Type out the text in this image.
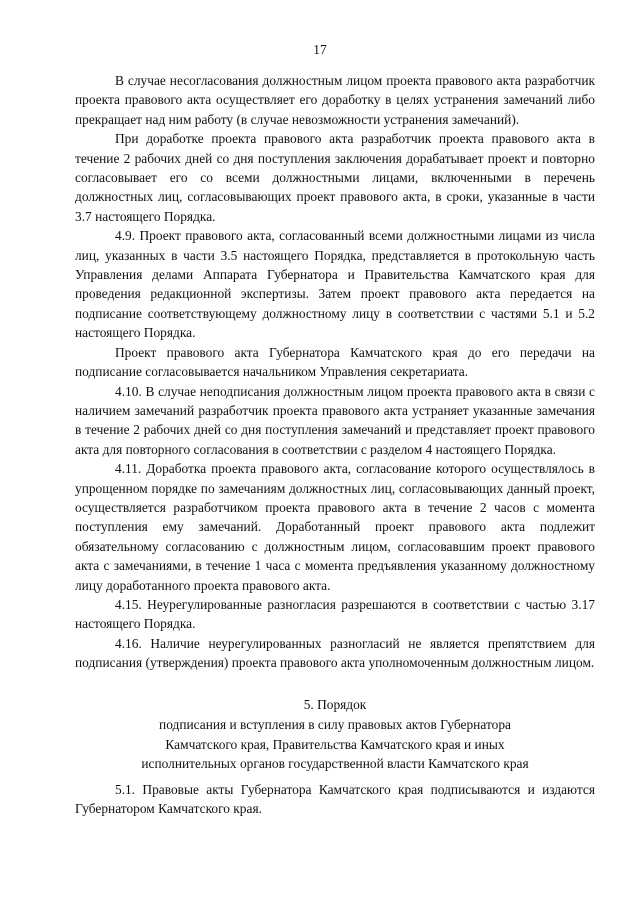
17

В случае несогласования должностным лицом проекта правового акта разработчик проекта правового акта осуществляет его доработку в целях устранения замечаний либо прекращает над ним работу (в случае невозможности устранения замечаний).

При доработке проекта правового акта разработчик проекта правового акта в течение 2 рабочих дней со дня поступления заключения дорабатывает проект и повторно согласовывает его со всеми должностными лицами, включенными в перечень должностных лиц, согласовывающих проект правового акта, в сроки, указанные в части 3.7 настоящего Порядка.

4.9. Проект правового акта, согласованный всеми должностными лицами из числа лиц, указанных в части 3.5 настоящего Порядка, представляется в протокольную часть Управления делами Аппарата Губернатора и Правительства Камчатского края для проведения редакционной экспертизы. Затем проект правового акта передается на подписание соответствующему должностному лицу в соответствии с частями 5.1 и 5.2 настоящего Порядка.

Проект правового акта Губернатора Камчатского края до его передачи на подписание согласовывается начальником Управления секретариата.

4.10. В случае неподписания должностным лицом проекта правового акта в связи с наличием замечаний разработчик проекта правового акта устраняет указанные замечания в течение 2 рабочих дней со дня поступления замечаний и представляет проект правового акта для повторного согласования в соответствии с разделом 4 настоящего Порядка.

4.11. Доработка проекта правового акта, согласование которого осуществлялось в упрощенном порядке по замечаниям должностных лиц, согласовывающих данный проект, осуществляется разработчиком проекта правового акта в течение 2 часов с момента поступления ему замечаний. Доработанный проект правового акта подлежит обязательному согласованию с должностным лицом, согласовавшим проект правового акта с замечаниями, в течение 1 часа с момента предъявления указанному должностному лицу доработанного проекта правового акта.

4.15. Неурегулированные разногласия разрешаются в соответствии с частью 3.17 настоящего Порядка.

4.16. Наличие неурегулированных разногласий не является препятствием для подписания (утверждения) проекта правового акта уполномоченным должностным лицом.

5. Порядок
подписания и вступления в силу правовых актов Губернатора
Камчатского края, Правительства Камчатского края и иных
исполнительных органов государственной власти Камчатского края

5.1. Правовые акты Губернатора Камчатского края подписываются и издаются Губернатором Камчатского края.
